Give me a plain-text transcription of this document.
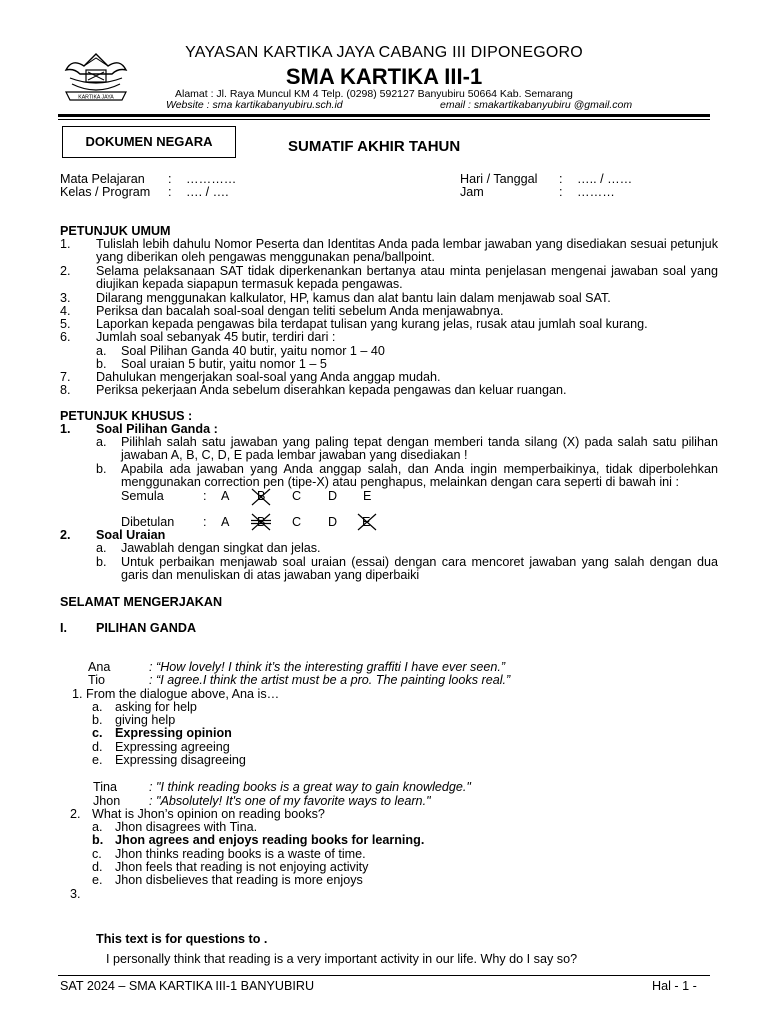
KARTIKA JAYA
YAYASAN KARTIKA JAYA CABANG III DIPONEGORO
SMA KARTIKA III-1
Alamat : Jl. Raya Muncul KM 4 Telp. (0298) 592127 Banyubiru 50664 Kab. Semarang
Website : sma kartikabanyubiru.sch.id	email : smakartikabanyubiru @gmail.com
DOKUMEN NEGARA	SUMATIF AKHIR TAHUN
Mata Pelajaran : …………
Kelas / Program : …. / ….
Hari / Tanggal : ….. / ……
Jam	: ………
PETUNJUK UMUM
1. Tulislah lebih dahulu Nomor Peserta dan Identitas Anda pada lembar jawaban yang disediakan sesuai petunjuk yang diberikan oleh pengawas menggunakan pena/ballpoint.
2. Selama pelaksanaan SAT tidak diperkenankan bertanya atau minta penjelasan mengenai jawaban soal yang diujikan kepada siapapun termasuk kepada pengawas.
3. Dilarang menggunakan kalkulator, HP, kamus dan alat bantu lain dalam menjawab soal SAT.
4. Periksa dan bacalah soal-soal dengan teliti sebelum Anda menjawabnya.
5. Laporkan kepada pengawas bila terdapat tulisan yang kurang jelas, rusak atau jumlah soal kurang.
6. Jumlah soal sebanyak 45 butir, terdiri dari :
a. Soal Pilihan Ganda 40 butir, yaitu nomor 1 – 40
b. Soal uraian 5 butir, yaitu nomor 1 – 5
7. Dahulukan mengerjakan soal-soal yang Anda anggap mudah.
8. Periksa pekerjaan Anda sebelum diserahkan kepada pengawas dan keluar ruangan.
PETUNJUK KHUSUS :
1. Soal Pilihan Ganda :
a. Pilihlah salah satu jawaban yang paling tepat dengan memberi tanda silang (X) pada salah satu pilihan jawaban A, B, C, D, E pada lembar jawaban yang disediakan !
b. Apabila ada jawaban yang Anda anggap salah, dan Anda ingin memperbaikinya, tidak diperbolehkan menggunakan correction pen (tipe-X) atau penghapus, melainkan dengan cara seperti di bawah ini :
Semula	: A B C D E
Dibetulan : A B C D E
2. Soal Uraian
a. Jawablah dengan singkat dan jelas.
b. Untuk perbaikan menjawab soal uraian (essai) dengan cara mencoret jawaban yang salah dengan dua garis dan menuliskan di atas jawaban yang diperbaiki
SELAMAT MENGERJAKAN
I. PILIHAN GANDA
Ana	: “How lovely! I think it’s the interesting graffiti I have ever seen.”
Tio	: “I agree.I think the artist must be a pro. The painting looks real.”
1. From the dialogue above, Ana is…
a. asking for help
b. giving help
c. Expressing opinion
d. Expressing agreeing
e. Expressing disagreeing
Tina	: "I think reading books is a great way to gain knowledge."
Jhon : "Absolutely! It's one of my favorite ways to learn."
2. What is Jhon’s opinion on reading books?
a. Jhon disagrees with Tina.
b. Jhon agrees and enjoys reading books for learning.
c. Jhon thinks reading books is a waste of time.
d. Jhon feels that reading is not enjoying activity
e. Jhon disbelieves that reading is more enjoys
3.
This text is for questions to .
I personally think that reading is a very important activity in our life. Why do I say so?
SAT 2024 – SMA KARTIKA III-1 BANYUBIRU	Hal - 1 -
